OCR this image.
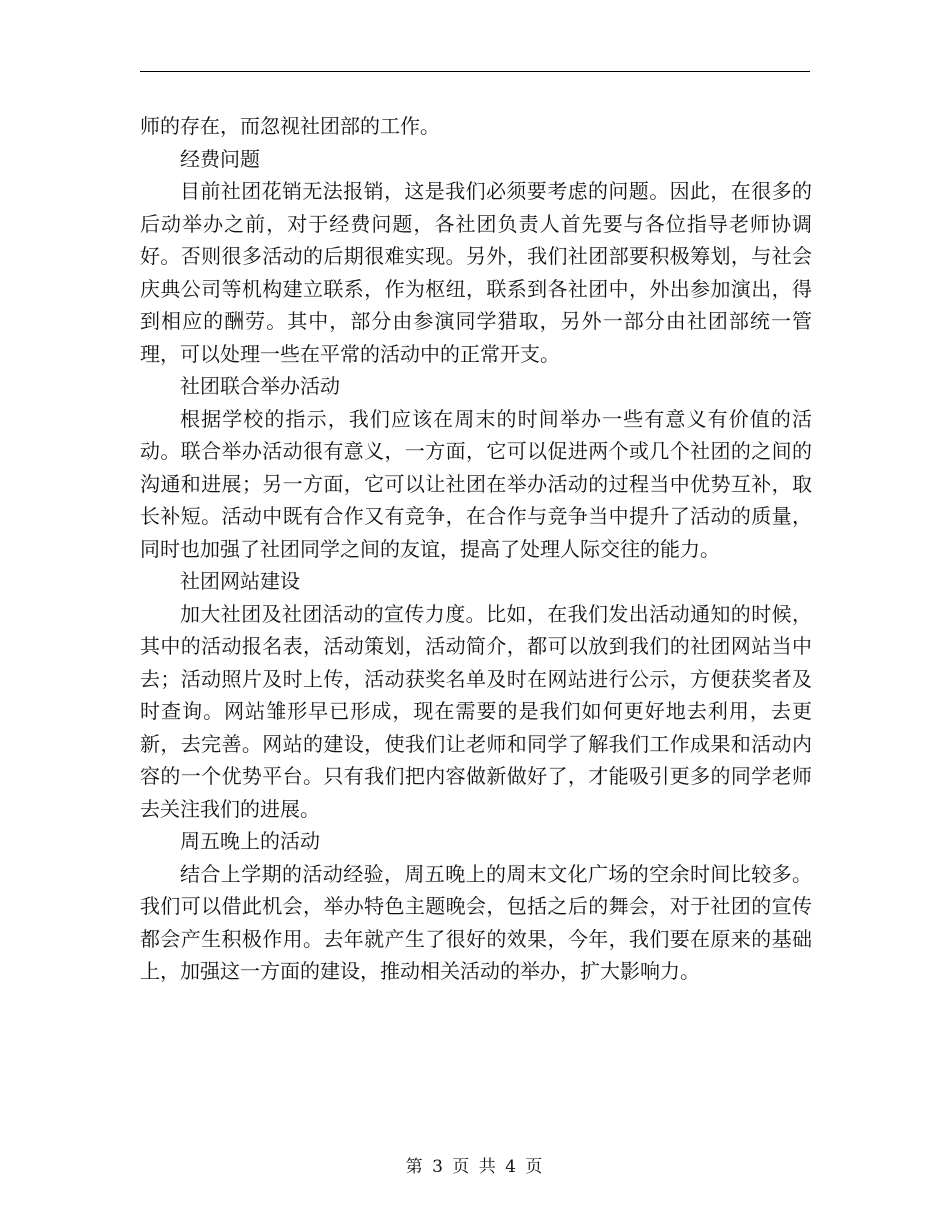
师的存在，而忽视社团部的工作。

经费问题

目前社团花销无法报销，这是我们必须要考虑的问题。因此，在很多的后动举办之前，对于经费问题，各社团负责人首先要与各位指导老师协调好。否则很多活动的后期很难实现。另外，我们社团部要积极筹划，与社会庆典公司等机构建立联系，作为枢纽，联系到各社团中，外出参加演出，得到相应的酬劳。其中，部分由参演同学猎取，另外一部分由社团部统一管理，可以处理一些在平常的活动中的正常开支。

社团联合举办活动

根据学校的指示，我们应该在周末的时间举办一些有意义有价值的活动。联合举办活动很有意义，一方面，它可以促进两个或几个社团的之间的沟通和进展；另一方面，它可以让社团在举办活动的过程当中优势互补，取长补短。活动中既有合作又有竞争，在合作与竞争当中提升了活动的质量，同时也加强了社团同学之间的友谊，提高了处理人际交往的能力。

社团网站建设

加大社团及社团活动的宣传力度。比如，在我们发出活动通知的时候，其中的活动报名表，活动策划，活动简介，都可以放到我们的社团网站当中去；活动照片及时上传，活动获奖名单及时在网站进行公示，方便获奖者及时查询。网站雏形早已形成，现在需要的是我们如何更好地去利用，去更新，去完善。网站的建设，使我们让老师和同学了解我们工作成果和活动内容的一个优势平台。只有我们把内容做新做好了，才能吸引更多的同学老师去关注我们的进展。

周五晚上的活动

结合上学期的活动经验，周五晚上的周末文化广场的空余时间比较多。我们可以借此机会，举办特色主题晚会，包括之后的舞会，对于社团的宣传都会产生积极作用。去年就产生了很好的效果，今年，我们要在原来的基础上，加强这一方面的建设，推动相关活动的举办，扩大影响力。

第 3 页 共 4 页
